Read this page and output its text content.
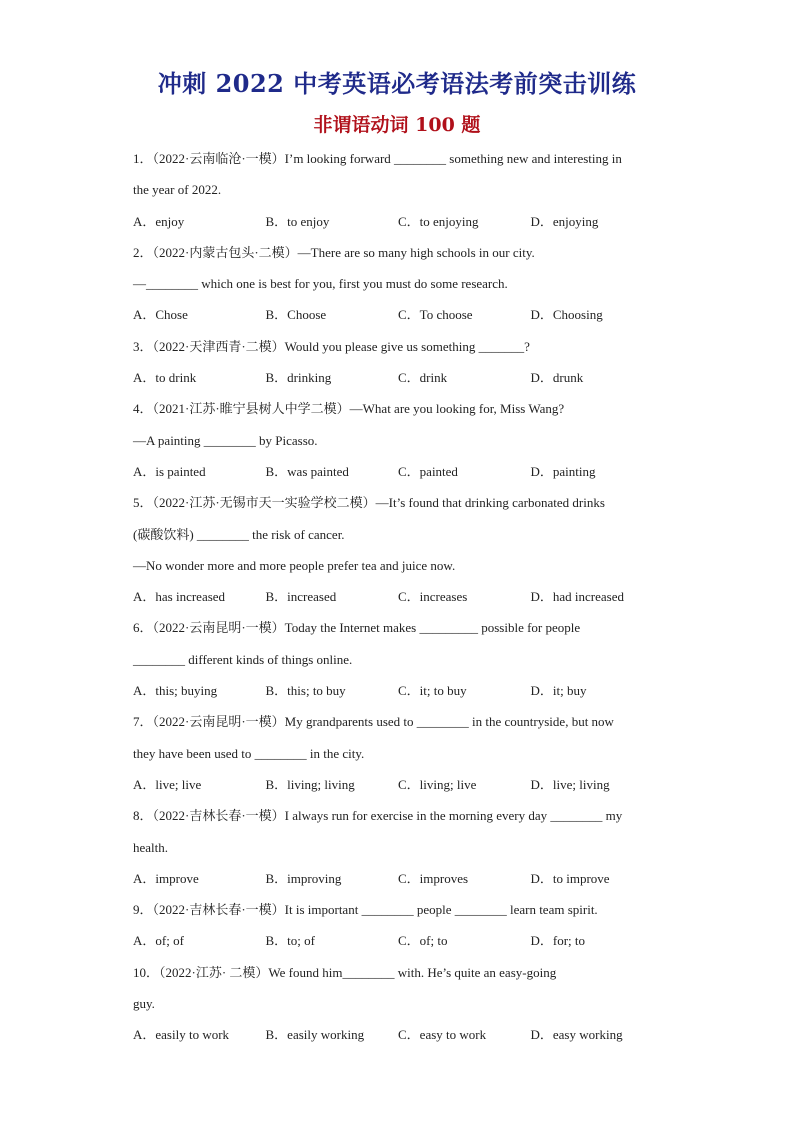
冲刺 2022 中考英语必考语法考前突击训练
非谓语动词 100 题
1．（2022·云南临沧·一模）I’m looking forward ________ something new and interesting in
the year of 2022.
A．enjoy	B．to enjoy	C．to enjoying	D．enjoying
2．（2022·内蒙古包头·二模）—There are so many high schools in our city.
—________ which one is best for you, first you must do some research.
A．Chose	B．Choose	C．To choose	D．Choosing
3．（2022·天津西青·二模）Would you please give us something _______?
A．to drink	B．drinking	C．drink	D．drunk
4．（2021·江苏·睢宁县树人中学二模）—What are you looking for, Miss Wang?
—A painting ________ by Picasso.
A．is painted	B．was painted	C．painted	D．painting
5．（2022·江苏·无锡市天一实验学校二模）—It’s found that drinking carbonated drinks
(碳酸饮料) ________ the risk of cancer.
—No wonder more and more people prefer tea and juice now.
A．has increased	B．increased	C．increases	D．had increased
6．（2022·云南昆明·一模）Today the Internet makes _________ possible for people
________ different kinds of things online.
A．this; buying	B．this; to buy	C．it; to buy	D．it; buy
7．（2022·云南昆明·一模）My grandparents used to ________ in the countryside, but now
they have been used to ________ in the city.
A．live; live	B．living; living	C．living; live	D．live; living
8．（2022·吉林长春·一模）I always run for exercise in the morning every day ________ my
health.
A．improve	B．improving	C．improves	D．to improve
9．（2022·吉林长春·一模）It is important ________ people ________ learn team spirit.
A．of; of	B．to; of	C．of; to	D．for; to
10．（2022·江苏· 二模）We found him________ with. He’s quite an easy-going
guy.
A．easily to work	B．easily working	C．easy to work	D．easy working
